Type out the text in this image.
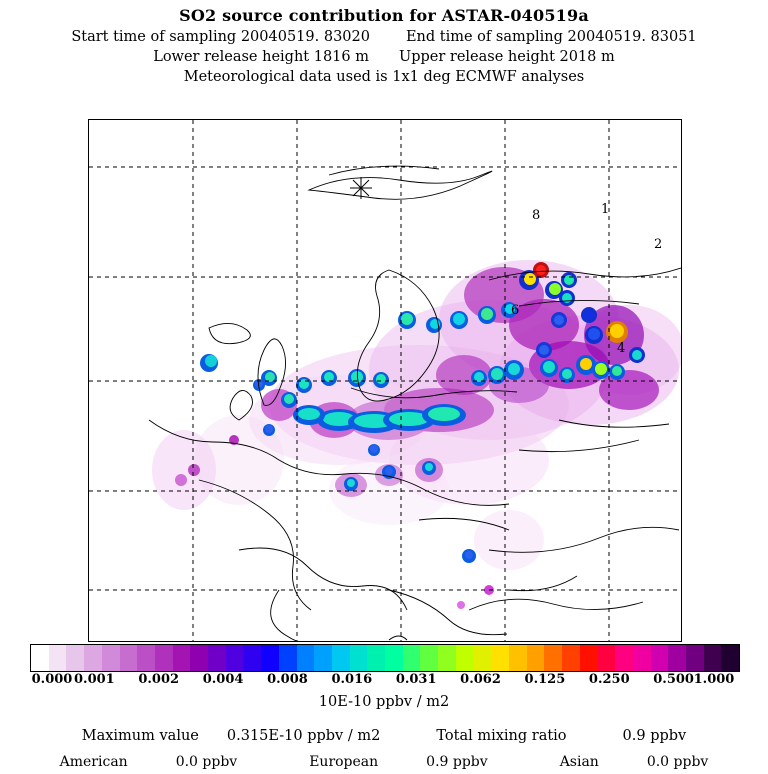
SO2 source contribution for ASTAR-040519a
Start time of sampling 20040519. 83020 End time of sampling 20040519. 83051
Lower release height 1816 m Upper release height 2018 m
Meteorological data used is 1x1 deg ECMWF analyses
8	1
2
6
4
0.000 0.001 0.002 0.004 0.008 0.016 0.031 0.062 0.125 0.250 0.500 1.000
10E-10 ppbv / m2
Maximum value 0.315E-10 ppbv / m2	Total mixing ratio	0.9 ppbv
American	0.0 ppbv	European	0.9 ppbv	Asian	0.0 ppbv
